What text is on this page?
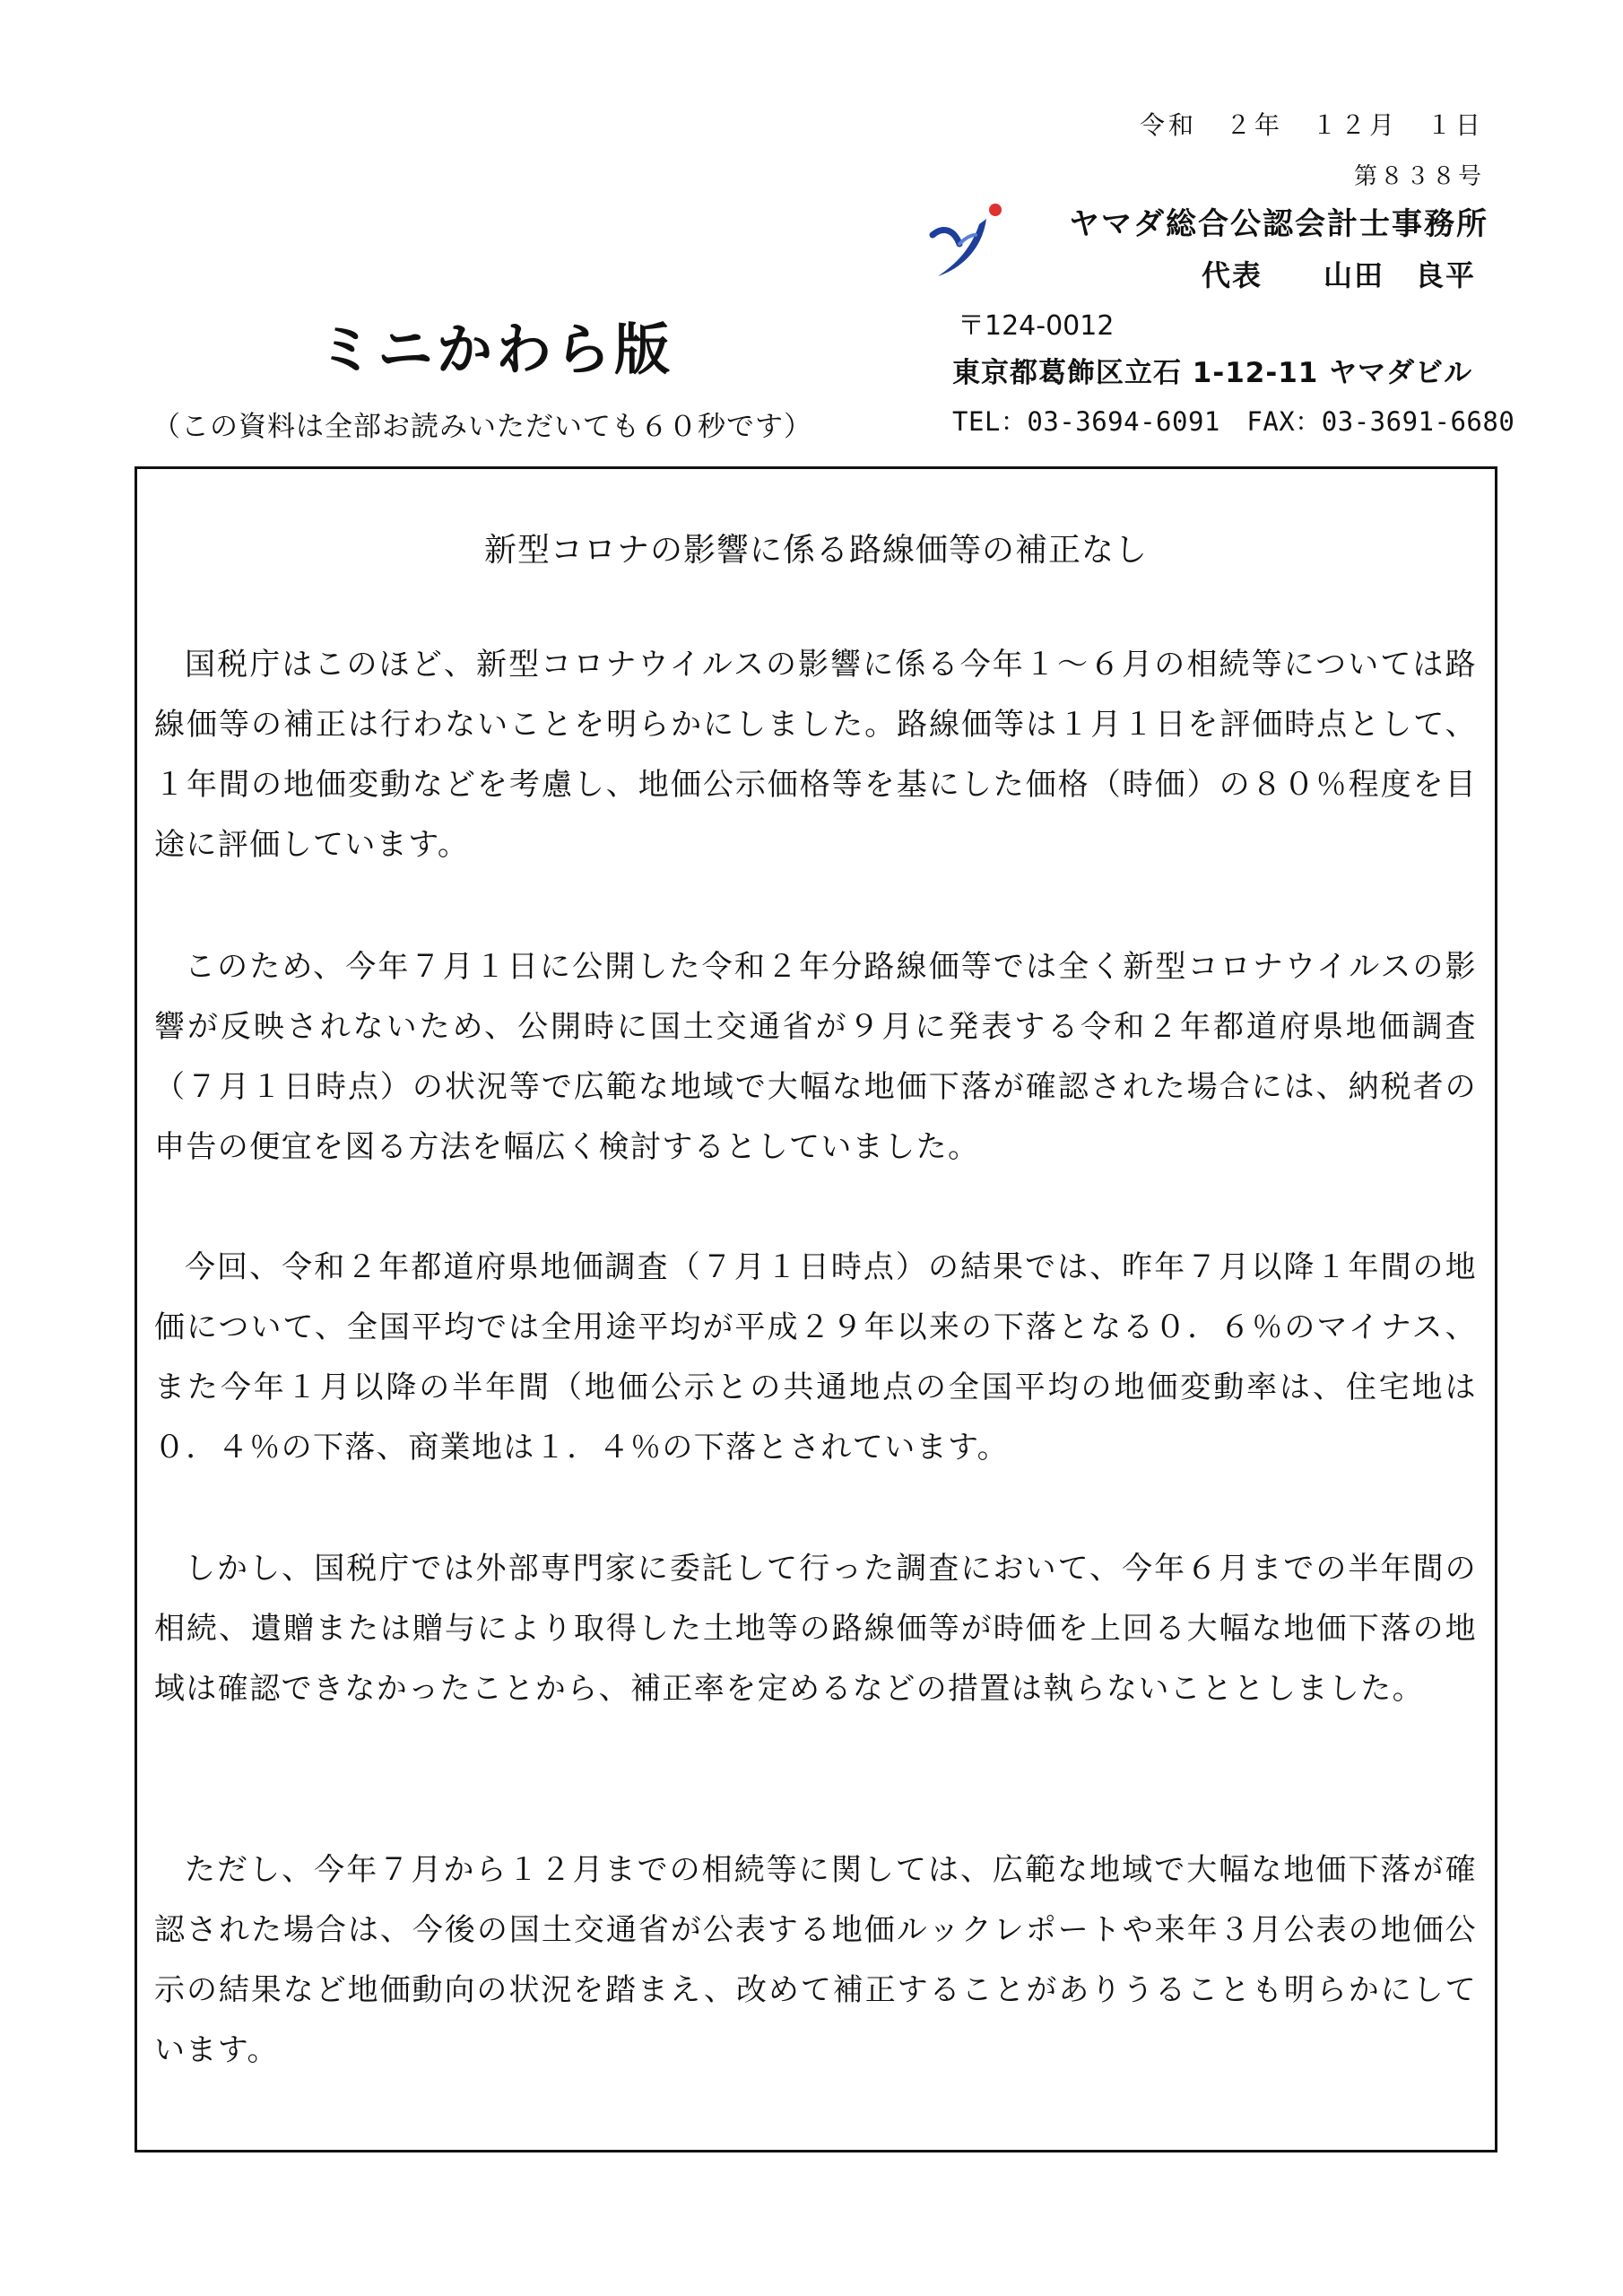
令和　２年　１２月　１日
第８３８号
ヤマダ総合公認会計士事務所
代表　　山田　良平
〒124-0012
東京都葛飾区立石 1-12-11 ヤマダビル
TEL：03-3694-6091　FAX：03-3691-6680
ミニかわら版
（この資料は全部お読みいただいても６０秒です）
新型コロナの影響に係る路線価等の補正なし

国税庁はこのほど、新型コロナウイルスの影響に係る今年１～６月の相続等については路線価等の補正は行わないことを明らかにしました。路線価等は１月１日を評価時点として、１年間の地価変動などを考慮し、地価公示価格等を基にした価格（時価）の８０％程度を目途に評価しています。

このため、今年７月１日に公開した令和２年分路線価等では全く新型コロナウイルスの影響が反映されないため、公開時に国土交通省が９月に発表する令和２年都道府県地価調査（７月１日時点）の状況等で広範な地域で大幅な地価下落が確認された場合には、納税者の申告の便宜を図る方法を幅広く検討するとしていました。

今回、令和２年都道府県地価調査（７月１日時点）の結果では、昨年７月以降１年間の地価について、全国平均では全用途平均が平成２９年以来の下落となる０．６％のマイナス、また今年１月以降の半年間（地価公示との共通地点の全国平均の地価変動率は、住宅地は０．４％の下落、商業地は１．４％の下落とされています。

しかし、国税庁では外部専門家に委託して行った調査において、今年６月までの半年間の相続、遺贈または贈与により取得した土地等の路線価等が時価を上回る大幅な地価下落の地域は確認できなかったことから、補正率を定めるなどの措置は執らないこととしました。

ただし、今年７月から１２月までの相続等に関しては、広範な地域で大幅な地価下落が確認された場合は、今後の国土交通省が公表する地価ルックレポートや来年３月公表の地価公示の結果など地価動向の状況を踏まえ、改めて補正することがありうることも明らかにしています。
